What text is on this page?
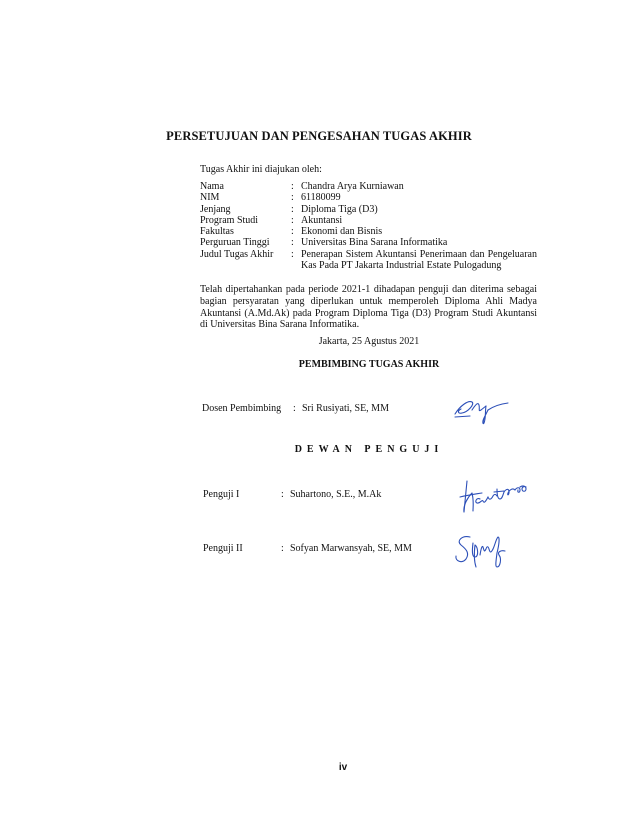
PERSETUJUAN DAN PENGESAHAN TUGAS AKHIR
Tugas Akhir ini diajukan oleh:
Nama	:	Chandra Arya Kurniawan
NIM	:	61180099
Jenjang	:	Diploma Tiga (D3)
Program Studi	:	Akuntansi
Fakultas	:	Ekonomi dan Bisnis
Perguruan Tinggi	:	Universitas Bina Sarana Informatika
Judul Tugas Akhir	:	Penerapan Sistem Akuntansi Penerimaan dan Pengeluaran Kas Pada PT Jakarta Industrial Estate Pulogadung
Telah dipertahankan pada periode 2021-1 dihadapan penguji dan diterima sebagai bagian persyaratan yang diperlukan untuk memperoleh Diploma Ahli Madya Akuntansi (A.Md.Ak) pada Program Diploma Tiga (D3) Program Studi Akuntansi di Universitas Bina Sarana Informatika.
Jakarta, 25 Agustus 2021
PEMBIMBING TUGAS AKHIR
Dosen Pembimbing : Sri Rusiyati, SE, MM
DEWAN PENGUJI
Penguji I	: Suhartono, S.E., M.Ak
Penguji II	: Sofyan Marwansyah, SE, MM
iv
